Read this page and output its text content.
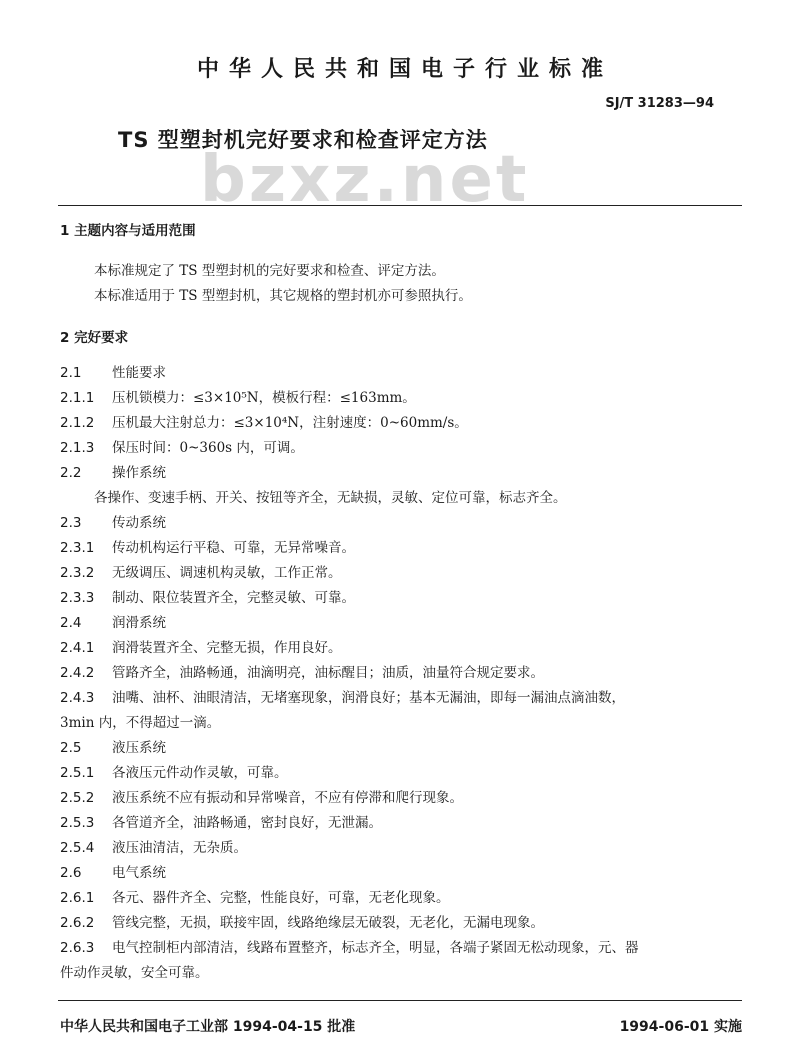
中华人民共和国电子行业标准
SJ/T 31283—94
TS 型塑封机完好要求和检查评定方法
bzxz.net
1 主题内容与适用范围
本标准规定了 TS 型塑封机的完好要求和检查、评定方法。
本标准适用于 TS 型塑封机，其它规格的塑封机亦可参照执行。
2 完好要求
2.1 性能要求
2.1.1 压机锁模力：≤3×10⁵N，模板行程：≤163mm。
2.1.2 压机最大注射总力：≤3×10⁴N，注射速度：0~60mm/s。
2.1.3 保压时间：0~360s 内，可调。
2.2 操作系统
各操作、变速手柄、开关、按钮等齐全，无缺损，灵敏、定位可靠，标志齐全。
2.3 传动系统
2.3.1 传动机构运行平稳、可靠，无异常噪音。
2.3.2 无级调压、调速机构灵敏，工作正常。
2.3.3 制动、限位装置齐全，完整灵敏、可靠。
2.4 润滑系统
2.4.1 润滑装置齐全、完整无损，作用良好。
2.4.2 管路齐全，油路畅通，油滴明亮，油标醒目；油质，油量符合规定要求。
2.4.3 油嘴、油杯、油眼清洁，无堵塞现象，润滑良好；基本无漏油，即每一漏油点滴油数，
3min 内，不得超过一滴。
2.5 液压系统
2.5.1 各液压元件动作灵敏，可靠。
2.5.2 液压系统不应有振动和异常噪音，不应有停滞和爬行现象。
2.5.3 各管道齐全，油路畅通，密封良好，无泄漏。
2.5.4 液压油清洁，无杂质。
2.6 电气系统
2.6.1 各元、器件齐全、完整，性能良好，可靠，无老化现象。
2.6.2 管线完整，无损，联接牢固，线路绝缘层无破裂，无老化，无漏电现象。
2.6.3 电气控制柜内部清洁，线路布置整齐，标志齐全，明显，各端子紧固无松动现象，元、器
件动作灵敏，安全可靠。
中华人民共和国电子工业部 1994-04-15 批准	1994-06-01 实施
